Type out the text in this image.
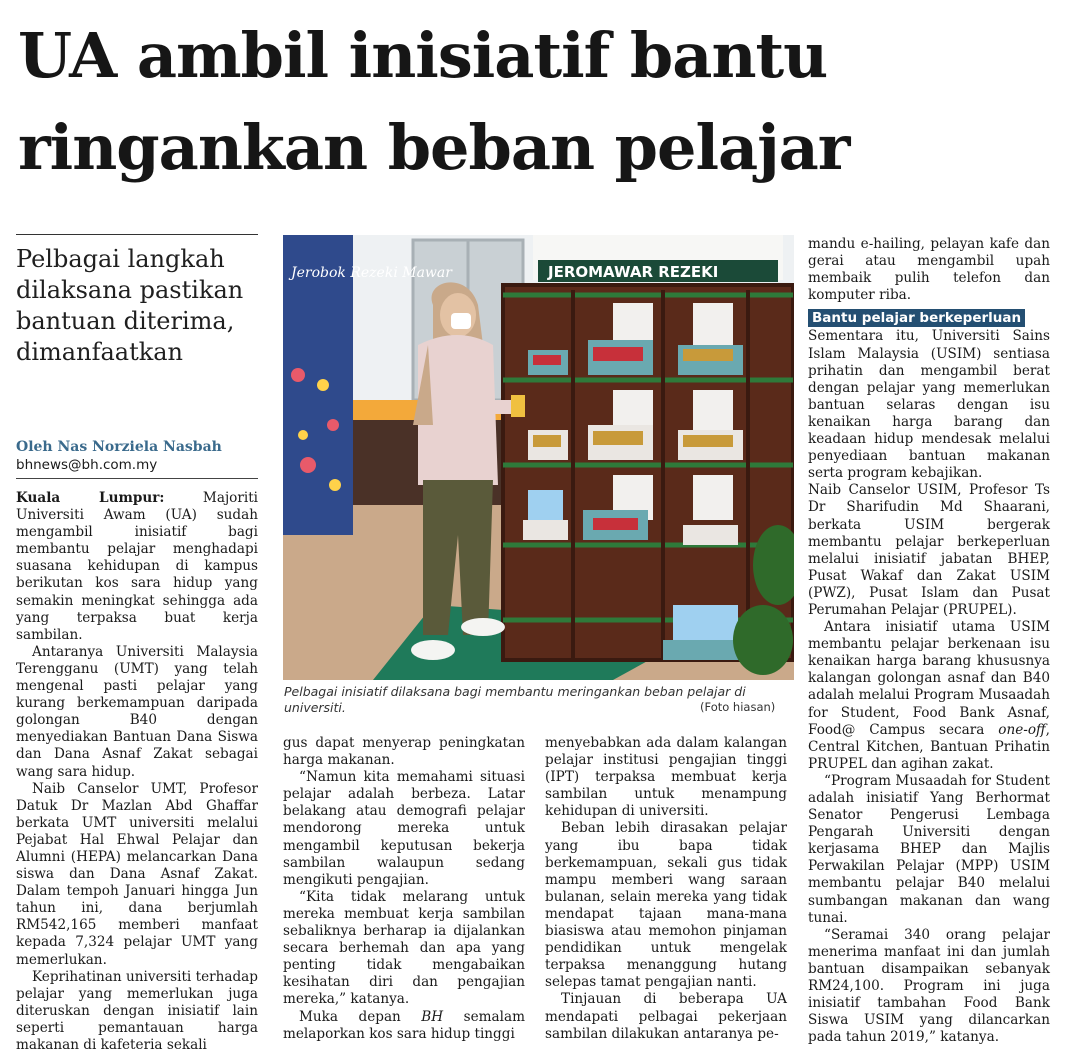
UA ambil inisiatif bantu
ringankan beban pelajar
Pelbagai langkah dilaksana pastikan bantuan diterima, dimanfaatkan
Oleh Nas Norziela Nasbah
bhnews@bh.com.my

Kuala Lumpur:	Majoriti Universiti Awam (UA) sudah mengambil inisiatif bagi membantu pelajar menghadapi suasana kehidupan di kampus berikutan kos sara hidup yang semakin meningkat sehingga ada yang terpaksa buat kerja sambilan.

Antaranya Universiti Malaysia Terengganu (UMT) yang telah mengenal pasti pelajar yang kurang berkemampuan daripada golongan B40 dengan menyediakan Bantuan Dana Siswa dan Dana Asnaf Zakat sebagai wang sara hidup.

Naib Canselor UMT, Profesor Datuk Dr Mazlan Abd Ghaffar berkata UMT universiti melalui Pejabat Hal Ehwal Pelajar dan Alumni (HEPA) melancarkan Dana siswa dan Dana Asnaf Zakat. Dalam tempoh Januari hingga Jun tahun ini, dana berjumlah RM542,165 memberi manfaat kepada 7,324 pelajar UMT yang memerlukan.

Keprihatinan universiti terhadap pelajar yang memerlukan juga diteruskan dengan inisiatif lain seperti pemantauan harga makanan di kafeteria sekali

Jerobok Rezeki Mawar	JEROMAWAR REZEKI
Pelbagai inisiatif dilaksana bagi membantu meringankan beban pelajar di universiti.	(Foto hiasan)

gus dapat menyerap peningkatan harga makanan.

“Namun kita memahami situasi pelajar adalah berbeza. Latar belakang atau demografi pelajar mendorong mereka untuk mengambil keputusan bekerja sambilan walaupun sedang mengikuti pengajian.

“Kita tidak melarang untuk mereka membuat kerja sambilan sebaliknya berharap ia dijalankan secara berhemah dan apa yang penting tidak mengabaikan kesihatan diri dan pengajian mereka,” katanya.

Muka depan BH semalam melaporkan kos sara hidup tinggi

menyebabkan ada dalam kalangan pelajar institusi pengajian tinggi (IPT) terpaksa membuat kerja sambilan untuk menampung kehidupan di universiti.

Beban lebih dirasakan pelajar yang ibu bapa tidak berkemampuan, sekali gus tidak mampu memberi wang saraan bulanan, selain mereka yang tidak mendapat tajaan mana-mana biasiswa atau memohon pinjaman pendidikan untuk mengelak terpaksa menanggung hutang selepas tamat pengajian nanti.

Tinjauan di beberapa UA mendapati pelbagai pekerjaan sambilan dilakukan antaranya pe-

mandu e-hailing, pelayan kafe dan gerai atau mengambil upah membaik pulih telefon dan komputer riba.

Bantu pelajar berkeperluan

Sementara itu, Universiti Sains Islam Malaysia (USIM) sentiasa prihatin dan mengambil berat dengan pelajar yang memerlukan bantuan selaras dengan isu kenaikan harga barang dan keadaan hidup mendesak melalui penyediaan bantuan makanan serta program kebajikan.

Naib Canselor USIM, Profesor Ts Dr Sharifudin Md Shaarani, berkata USIM bergerak membantu pelajar berkeperluan melalui inisiatif jabatan BHEP, Pusat Wakaf dan Zakat USIM (PWZ), Pusat Islam dan Pusat Perumahan Pelajar (PRUPEL).

Antara inisiatif utama USIM membantu pelajar berkenaan isu kenaikan harga barang khususnya kalangan golongan asnaf dan B40 adalah melalui Program Musaadah for Student, Food Bank Asnaf, Food@ Campus secara one-off, Central Kitchen, Bantuan Prihatin PRUPEL dan agihan zakat.

“Program Musaadah for Student adalah inisiatif Yang Berhormat Senator Pengerusi Lembaga Pengarah Universiti dengan kerjasama BHEP dan Majlis Perwakilan Pelajar (MPP) USIM membantu pelajar B40 melalui sumbangan makanan dan wang tunai.

“Seramai 340 orang pelajar menerima manfaat ini dan jumlah bantuan disampaikan sebanyak RM24,100. Program ini juga inisiatif tambahan Food Bank Siswa USIM yang dilancarkan pada tahun 2019,” katanya.
